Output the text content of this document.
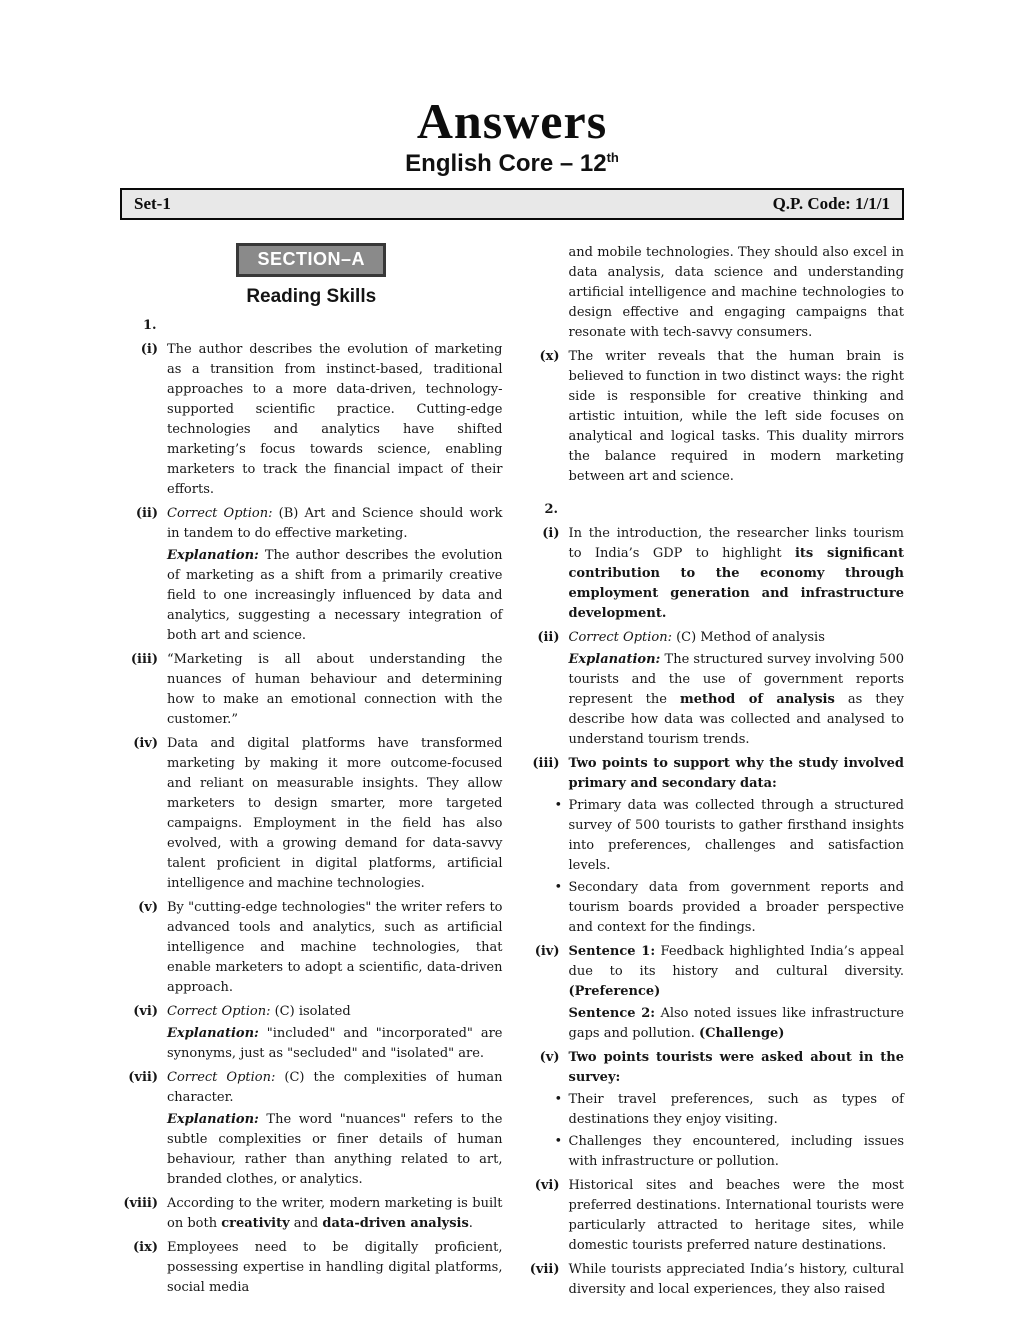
Answers
English Core – 12th
Set-1	Q.P. Code: 1/1/1
SECTION–A
Reading Skills
1.
(i) The author describes the evolution of marketing as a transition from instinct-based, traditional approaches to a more data-driven, technology-supported scientific practice. Cutting-edge technologies and analytics have shifted marketing’s focus towards science, enabling marketers to track the financial impact of their efforts.

(ii) Correct Option: (B) Art and Science should work in tandem to do effective marketing.

Explanation: The author describes the evolution of marketing as a shift from a primarily creative field to one increasingly influenced by data and analytics, suggesting a necessary integration of both art and science.

(iii) “Marketing is all about understanding the nuances of human behaviour and determining how to make an emotional connection with the customer.”

(iv) Data and digital platforms have transformed marketing by making it more outcome-focused and reliant on measurable insights. They allow marketers to design smarter, more targeted campaigns. Employment in the field has also evolved, with a growing demand for data-savvy talent proficient in digital platforms, artificial intelligence and machine technologies.

(v) By "cutting-edge technologies" the writer refers to advanced tools and analytics, such as artificial intelligence and machine technologies, that enable marketers to adopt a scientific, data-driven approach.

(vi) Correct Option: (C) isolated

Explanation: "included" and "incorporated" are synonyms, just as "secluded" and "isolated" are.

(vii) Correct Option: (C) the complexities of human character.

Explanation: The word "nuances" refers to the subtle complexities or finer details of human behaviour, rather than anything related to art, branded clothes, or analytics.

(viii) According to the writer, modern marketing is built on both creativity and data-driven analysis.

(ix) Employees need to be digitally proficient, possessing expertise in handling digital platforms, social media

and mobile technologies. They should also excel in data analysis, data science and understanding artificial intelligence and machine technologies to design effective and engaging campaigns that resonate with tech-savvy consumers.

(x) The writer reveals that the human brain is believed to function in two distinct ways: the right side is responsible for creative thinking and artistic intuition, while the left side focuses on analytical and logical tasks. This duality mirrors the balance required in modern marketing between art and science.

2.
(i) In the introduction, the researcher links tourism to India’s GDP to highlight its significant contribution to the economy through employment generation and infrastructure development.

(ii) Correct Option: (C) Method of analysis

Explanation: The structured survey involving 500 tourists and the use of government reports represent the method of analysis as they describe how data was collected and analysed to understand tourism trends.

(iii) Two points to support why the study involved primary and secondary data:

• Primary data was collected through a structured survey of 500 tourists to gather firsthand insights into preferences, challenges and satisfaction levels.

• Secondary data from government reports and tourism boards provided a broader perspective and context for the findings.

(iv) Sentence 1: Feedback highlighted India’s appeal due to its history and cultural diversity. (Preference)

Sentence 2: Also noted issues like infrastructure gaps and pollution. (Challenge)

(v) Two points tourists were asked about in the survey:

• Their travel preferences, such as types of destinations they enjoy visiting.

• Challenges they encountered, including issues with infrastructure or pollution.

(vi) Historical sites and beaches were the most preferred destinations. International tourists were particularly attracted to heritage sites, while domestic tourists preferred nature destinations.

(vii) While tourists appreciated India’s history, cultural diversity and local experiences, they also raised
